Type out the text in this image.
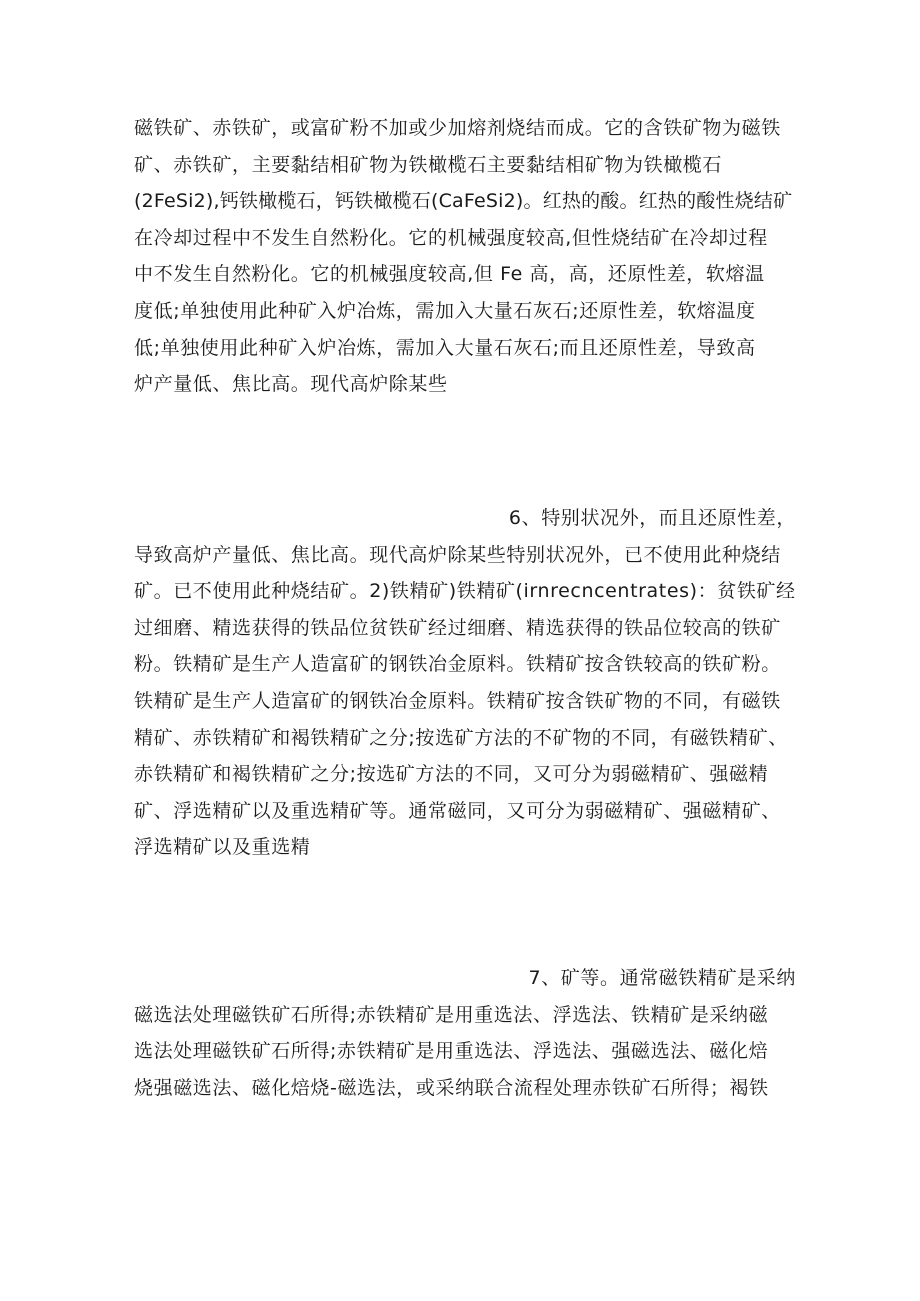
磁铁矿、赤铁矿，或富矿粉不加或少加熔剂烧结而成。它的含铁矿物为磁铁
矿、赤铁矿，主要黏结相矿物为铁橄榄石主要黏结相矿物为铁橄榄石
(2FeSi2),钙铁橄榄石，钙铁橄榄石(CaFeSi2)。红热的酸。红热的酸性烧结矿
在冷却过程中不发生自然粉化。它的机械强度较高,但性烧结矿在冷却过程
中不发生自然粉化。它的机械强度较高,但 Fe 高，高，还原性差，软熔温
度低;单独使用此种矿入炉冶炼，需加入大量石灰石;还原性差，软熔温度
低;单独使用此种矿入炉冶炼，需加入大量石灰石;而且还原性差，导致高
炉产量低、焦比高。现代高炉除某些
6、特别状况外，而且还原性差，
导致高炉产量低、焦比高。现代高炉除某些特别状况外，已不使用此种烧结
矿。已不使用此种烧结矿。2)铁精矿)铁精矿(irnrecncentrates)：贫铁矿经
过细磨、精选获得的铁品位贫铁矿经过细磨、精选获得的铁品位较高的铁矿
粉。铁精矿是生产人造富矿的钢铁冶金原料。铁精矿按含铁较高的铁矿粉。
铁精矿是生产人造富矿的钢铁冶金原料。铁精矿按含铁矿物的不同，有磁铁
精矿、赤铁精矿和褐铁精矿之分;按选矿方法的不矿物的不同，有磁铁精矿、
赤铁精矿和褐铁精矿之分;按选矿方法的不同，又可分为弱磁精矿、强磁精
矿、浮选精矿以及重选精矿等。通常磁同，又可分为弱磁精矿、强磁精矿、
浮选精矿以及重选精
7、矿等。通常磁铁精矿是采纳
磁选法处理磁铁矿石所得;赤铁精矿是用重选法、浮选法、铁精矿是采纳磁
选法处理磁铁矿石所得;赤铁精矿是用重选法、浮选法、强磁选法、磁化焙
烧强磁选法、磁化焙烧-磁选法，或采纳联合流程处理赤铁矿石所得；褐铁
